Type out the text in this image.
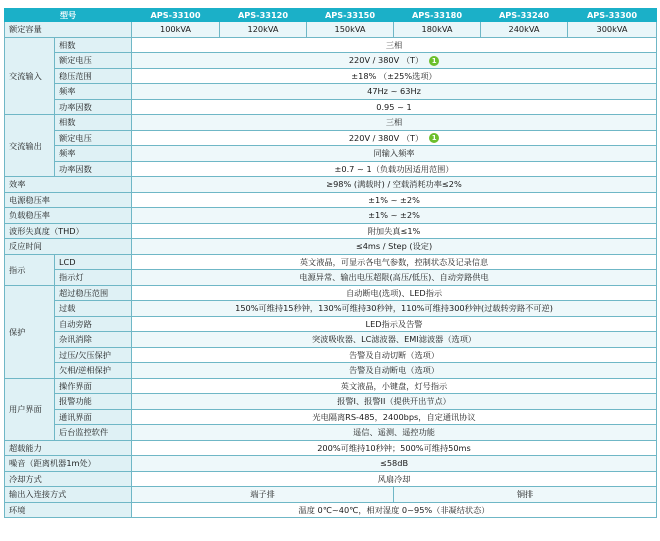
型号		APS-33100	APS-33120	APS-33150	APS-33180	APS-33240	APS-33300
额定容量		100kVA	120kVA	150kVA	180kVA	240kVA	300kVA
交流输入	相数	三相					
	额定电压	220V / 380V （T） 1					
	稳压范围	±18% （±25%选项）					
	频率	47Hz ~ 63Hz					
	功率因数	0.95 ~ 1					
交流输出	相数	三相					
	额定电压	220V / 380V （T） 1					
	频率	同输入频率					
	功率因数	±0.7 ~ 1（负载功因适用范围）					
效率		≥98% (满载时) / 空载消耗功率≤2%					
电源稳压率		±1% ~ ±2%					
负载稳压率		±1% ~ ±2%					
波形失真度（THD）		附加失真≤1%					
反应时间		≤4ms / Step (设定)					
指示	LCD	英文液晶，可显示各电气参数，控制状态及记录信息					
	指示灯	电源异常、输出电压超限(高压/低压)、自动旁路供电					
保护	超过稳压范围	自动断电(选项)、LED指示					
	过载	150%可维持15秒钟，130%可维持30秒钟，110%可维持300秒钟(过载转旁路不可逆)					
	自动旁路	LED指示及告警					
	杂讯消除	突波吸收器、LC滤波器、EMI滤波器（选项）					
	过压/欠压保护	告警及自动切断（选项）					
	欠相/逆相保护	告警及自动断电（选项）					
用户界面	操作界面	英文液晶，小键盘，灯号指示					
	报警功能	报警I、报警II（提供开出节点）					
	通讯界面	光电隔离RS-485，2400bps，自定通讯协议					
	后台监控软件	遥信、遥测、遥控功能					
超载能力		200%可维持10秒钟；500%可维持50ms					
噪音（距离机器1m处）		≤58dB					
冷却方式		风扇冷却					
输出入连接方式		端子排			铜排		
环境		温度 0℃~40℃，相对湿度 0~95%（非凝结状态）					
